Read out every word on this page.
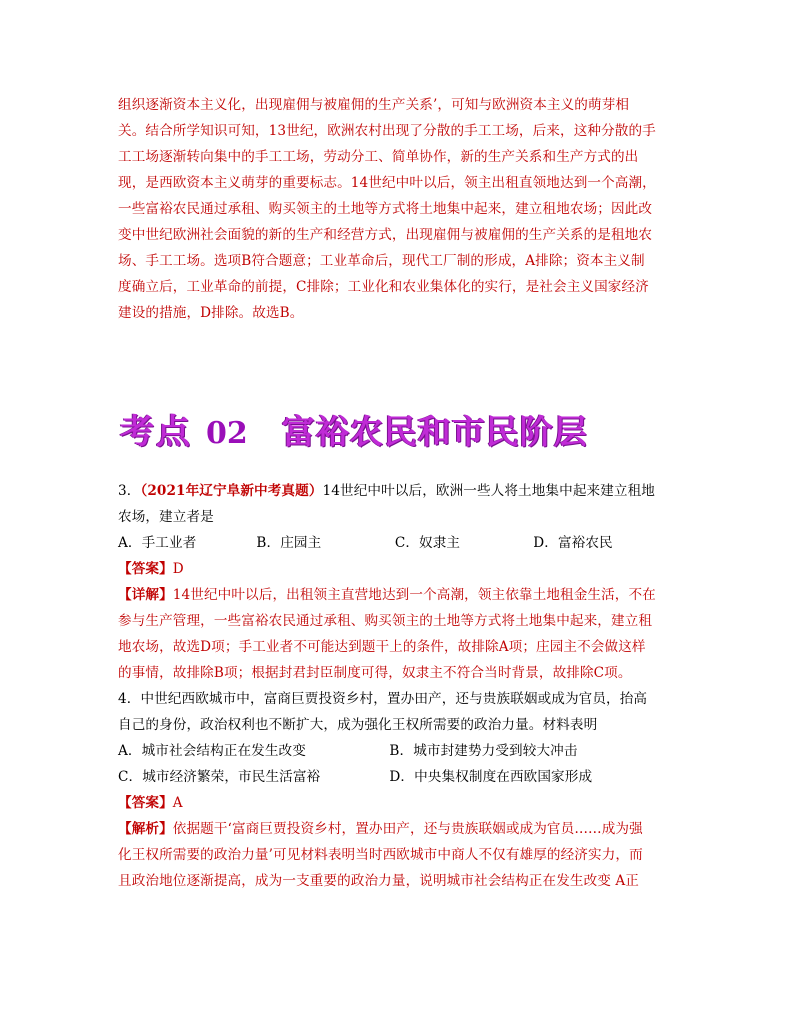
组织逐渐资本主义化，出现雇佣与被雇佣的生产关系’，可知与欧洲资本主义的萌芽相
关。结合所学知识可知，13世纪，欧洲农村出现了分散的手工工场，后来，这种分散的手
工工场逐渐转向集中的手工工场，劳动分工、简单协作，新的生产关系和生产方式的出
现，是西欧资本主义萌芽的重要标志。14世纪中叶以后，领主出租直领地达到一个高潮，
一些富裕农民通过承租、购买领主的土地等方式将土地集中起来，建立租地农场；因此改
变中世纪欧洲社会面貌的新的生产和经营方式，出现雇佣与被雇佣的生产关系的是租地农
场、手工工场。选项B符合题意；工业革命后，现代工厂制的形成，A排除；资本主义制
度确立后，工业革命的前提，C排除；工业化和农业集体化的实行，是社会主义国家经济
建设的措施，D排除。故选B。
考点 02 富裕农民和市民阶层
3．（2021年辽宁阜新中考真题）14世纪中叶以后，欧洲一些人将土地集中起来建立租地
农场，建立者是
A．手工业者	B．庄园主	C．奴隶主	D．富裕农民
【答案】D
【详解】14世纪中叶以后，出租领主直营地达到一个高潮，领主依靠土地租金生活，不在
参与生产管理，一些富裕农民通过承租、购买领主的土地等方式将土地集中起来，建立租
地农场，故选D项；手工业者不可能达到题干上的条件，故排除A项；庄园主不会做这样
的事情，故排除B项；根据封君封臣制度可得，奴隶主不符合当时背景，故排除C项。
4．中世纪西欧城市中，富商巨贾投资乡村，置办田产，还与贵族联姻或成为官员，抬高
自己的身份，政治权利也不断扩大，成为强化王权所需要的政治力量。材料表明
A．城市社会结构正在发生改变	B．城市封建势力受到较大冲击
C．城市经济繁荣，市民生活富裕	D．中央集权制度在西欧国家形成
【答案】A
【解析】依据题干‘富商巨贾投资乡村，置办田产，还与贵族联姻或成为官员……成为强
化王权所需要的政治力量’可见材料表明当时西欧城市中商人不仅有雄厚的经济实力，而
且政治地位逐渐提高，成为一支重要的政治力量，说明城市社会结构正在发生改变 A正
